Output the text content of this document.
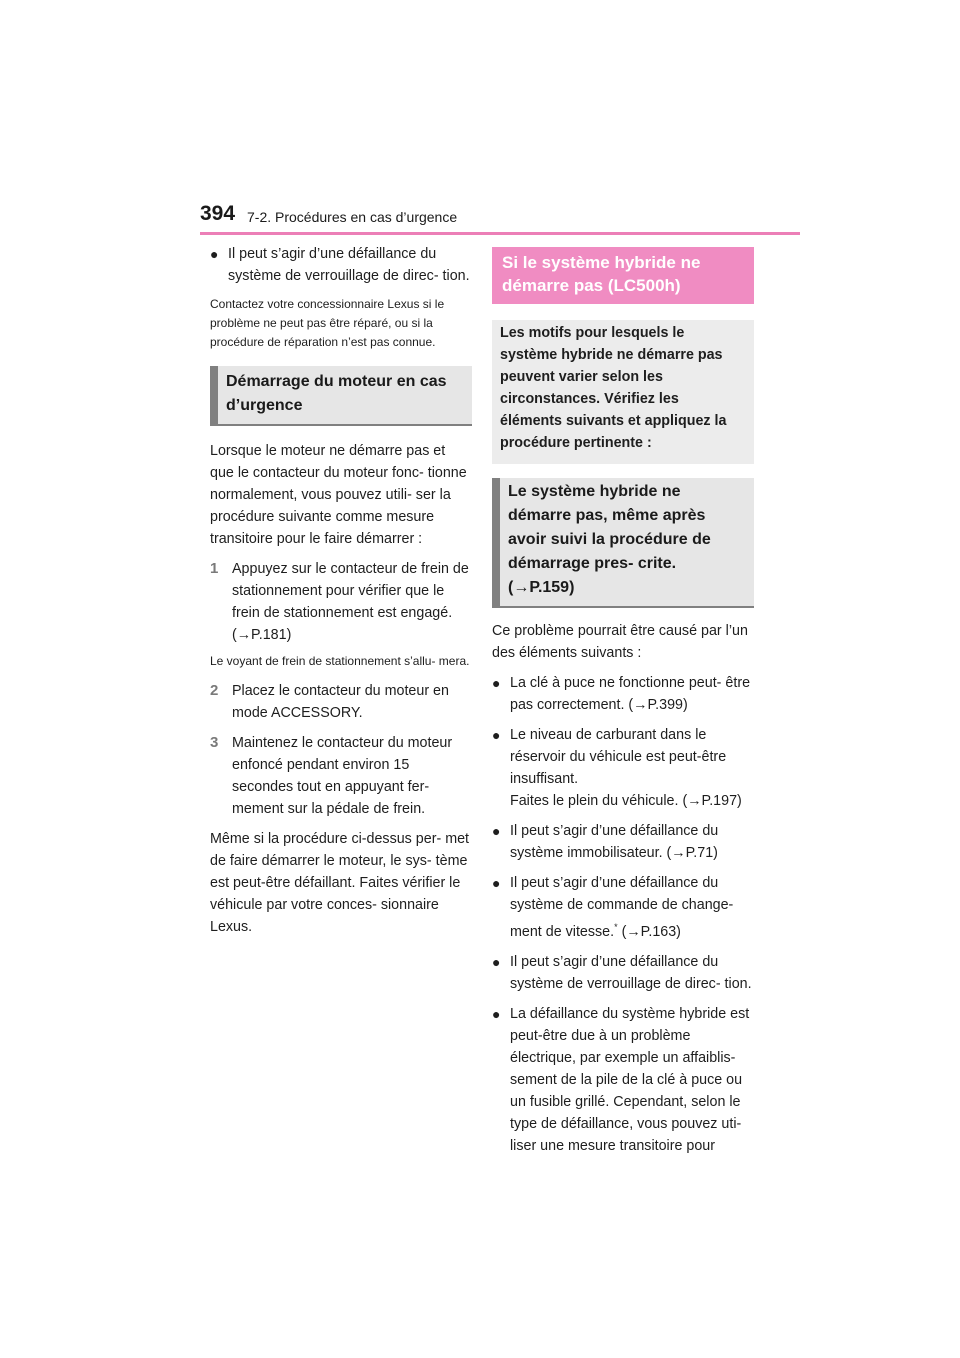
394 7-2. Procédures en cas d’urgence
● Il peut s’agir d’une défaillance du système de verrouillage de direc- tion.
Contactez votre concessionnaire Lexus si le problème ne peut pas être réparé, ou si la procédure de réparation n’est pas connue.
Démarrage du moteur en cas d’urgence

Lorsque le moteur ne démarre pas et que le contacteur du moteur fonc- tionne normalement, vous pouvez utili- ser la procédure suivante comme mesure transitoire pour le faire démarrer :

1 Appuyez sur le contacteur de frein de stationnement pour vérifier que le frein de stationnement est engagé. (→P.181)
Le voyant de frein de stationnement s’allu- mera.
2 Placez le contacteur du moteur en mode ACCESSORY.
3 Maintenez le contacteur du moteur enfoncé pendant environ 15 secondes tout en appuyant fer- mement sur la pédale de frein.

Même si la procédure ci-dessus per- met de faire démarrer le moteur, le sys- tème est peut-être défaillant. Faites vérifier le véhicule par votre conces- sionnaire Lexus.

Si le système hybride ne démarre pas (LC500h)
Les motifs pour lesquels le système hybride ne démarre pas peuvent varier selon les circonstances. Vérifiez les éléments suivants et appliquez la procédure pertinente :
Le système hybride ne démarre pas, même après avoir suivi la procédure de démarrage pres- crite. (→P.159)

Ce problème pourrait être causé par l’un des éléments suivants :

● La clé à puce ne fonctionne peut- être pas correctement. (→P.399)
● Le niveau de carburant dans le réservoir du véhicule est peut-être insuffisant.
Faites le plein du véhicule. (→P.197)
● Il peut s’agir d’une défaillance du système immobilisateur. (→P.71)
● Il peut s’agir d’une défaillance du système de commande de change- ment de vitesse.* (→P.163)
● Il peut s’agir d’une défaillance du système de verrouillage de direc- tion.
● La défaillance du système hybride est peut-être due à un problème électrique, par exemple un affaiblis- sement de la pile de la clé à puce ou un fusible grillé. Cependant, selon le type de défaillance, vous pouvez uti- liser une mesure transitoire pour
